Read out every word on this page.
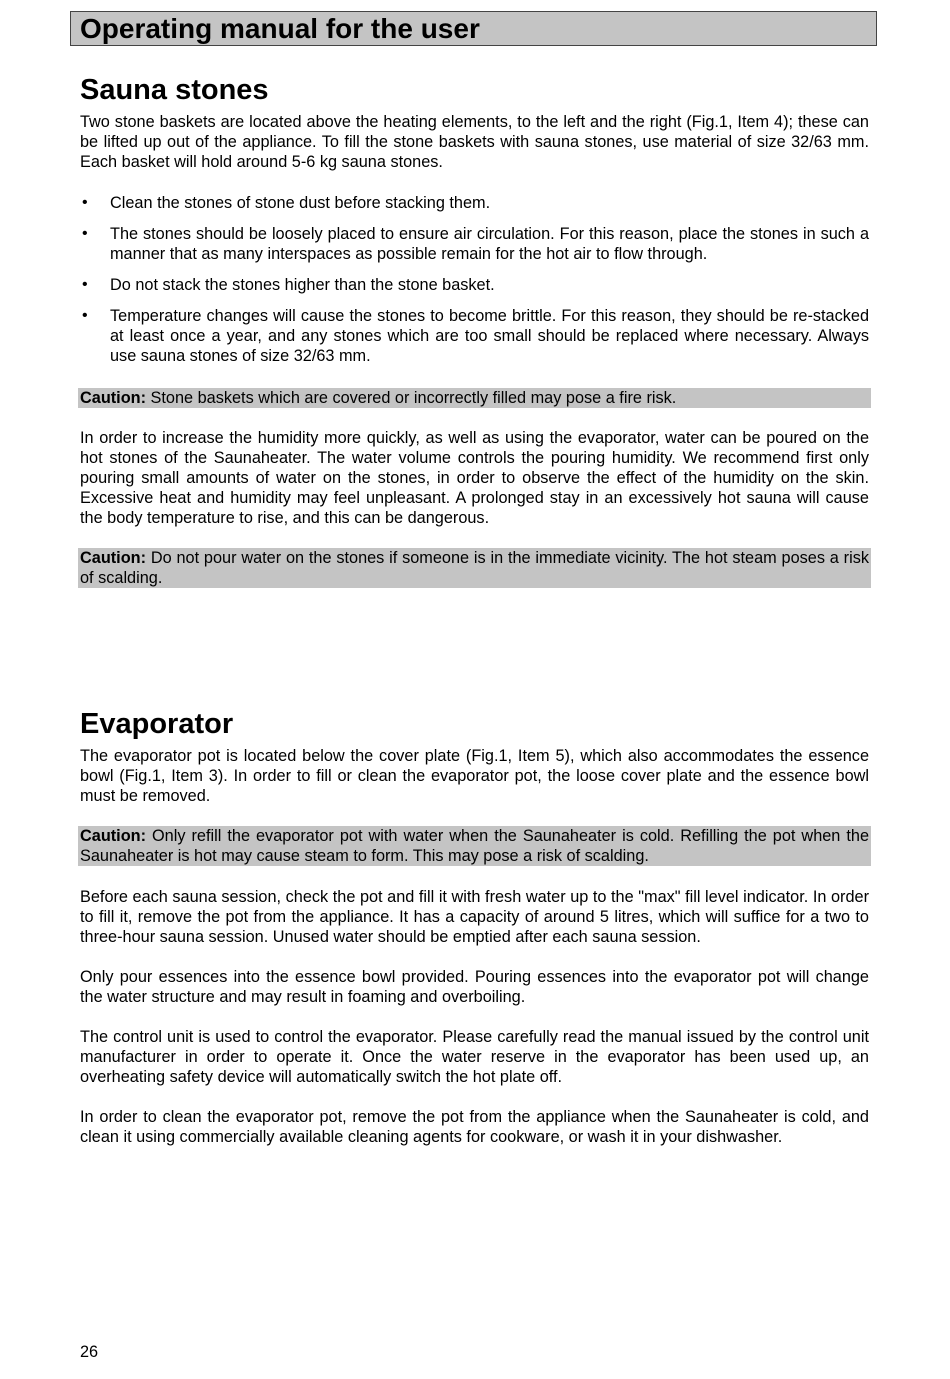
Operating manual for the user
Sauna stones

Two stone baskets are located above the heating elements, to the left and the right (Fig.1, Item 4); these can be lifted up out of the appliance. To fill the stone baskets with sauna stones, use material of size 32/63 mm. Each basket will hold around 5-6 kg sauna stones.

•	Clean the stones of stone dust before stacking them.
•	The stones should be loosely placed to ensure air circulation. For this reason, place the stones in such a manner that as many interspaces as possible remain for the hot air to flow through.
•	Do not stack the stones higher than the stone basket.
•	Temperature changes will cause the stones to become brittle. For this reason, they should be re-stacked at least once a year, and any stones which are too small should be replaced where necessary. Always use sauna stones of size 32/63 mm.
Caution: Stone baskets which are covered or incorrectly filled may pose a fire risk.

In order to increase the humidity more quickly, as well as using the evaporator, water can be poured on the hot stones of the Saunaheater. The water volume controls the pouring humidity. We recommend first only pouring small amounts of water on the stones, in order to observe the effect of the humidity on the skin. Excessive heat and humidity may feel unpleasant. A prolonged stay in an excessively hot sauna will cause the body temperature to rise, and this can be dangerous.

Caution: Do not pour water on the stones if someone is in the immediate vicinity. The hot steam poses a risk of scalding.
Evaporator

The evaporator pot is located below the cover plate (Fig.1, Item 5), which also accommodates the essence bowl (Fig.1, Item 3). In order to fill or clean the evaporator pot, the loose cover plate and the essence bowl must be removed.

Caution: Only refill the evaporator pot with water when the Saunaheater is cold. Refilling the pot when the Saunaheater is hot may cause steam to form. This may pose a risk of scalding.

Before each sauna session, check the pot and fill it with fresh water up to the "max" fill level indicator. In order to fill it, remove the pot from the appliance. It has a capacity of around 5 litres, which will suffice for a two to three-hour sauna session. Unused water should be emptied after each sauna session.

Only pour essences into the essence bowl provided. Pouring essences into the evaporator pot will change the water structure and may result in foaming and overboiling.

The control unit is used to control the evaporator. Please carefully read the manual issued by the control unit manufacturer in order to operate it. Once the water reserve in the evaporator has been used up, an overheating safety device will automatically switch the hot plate off.

In order to clean the evaporator pot, remove the pot from the appliance when the Saunaheater is cold, and clean it using commercially available cleaning agents for cookware, or wash it in your dishwasher.

26
